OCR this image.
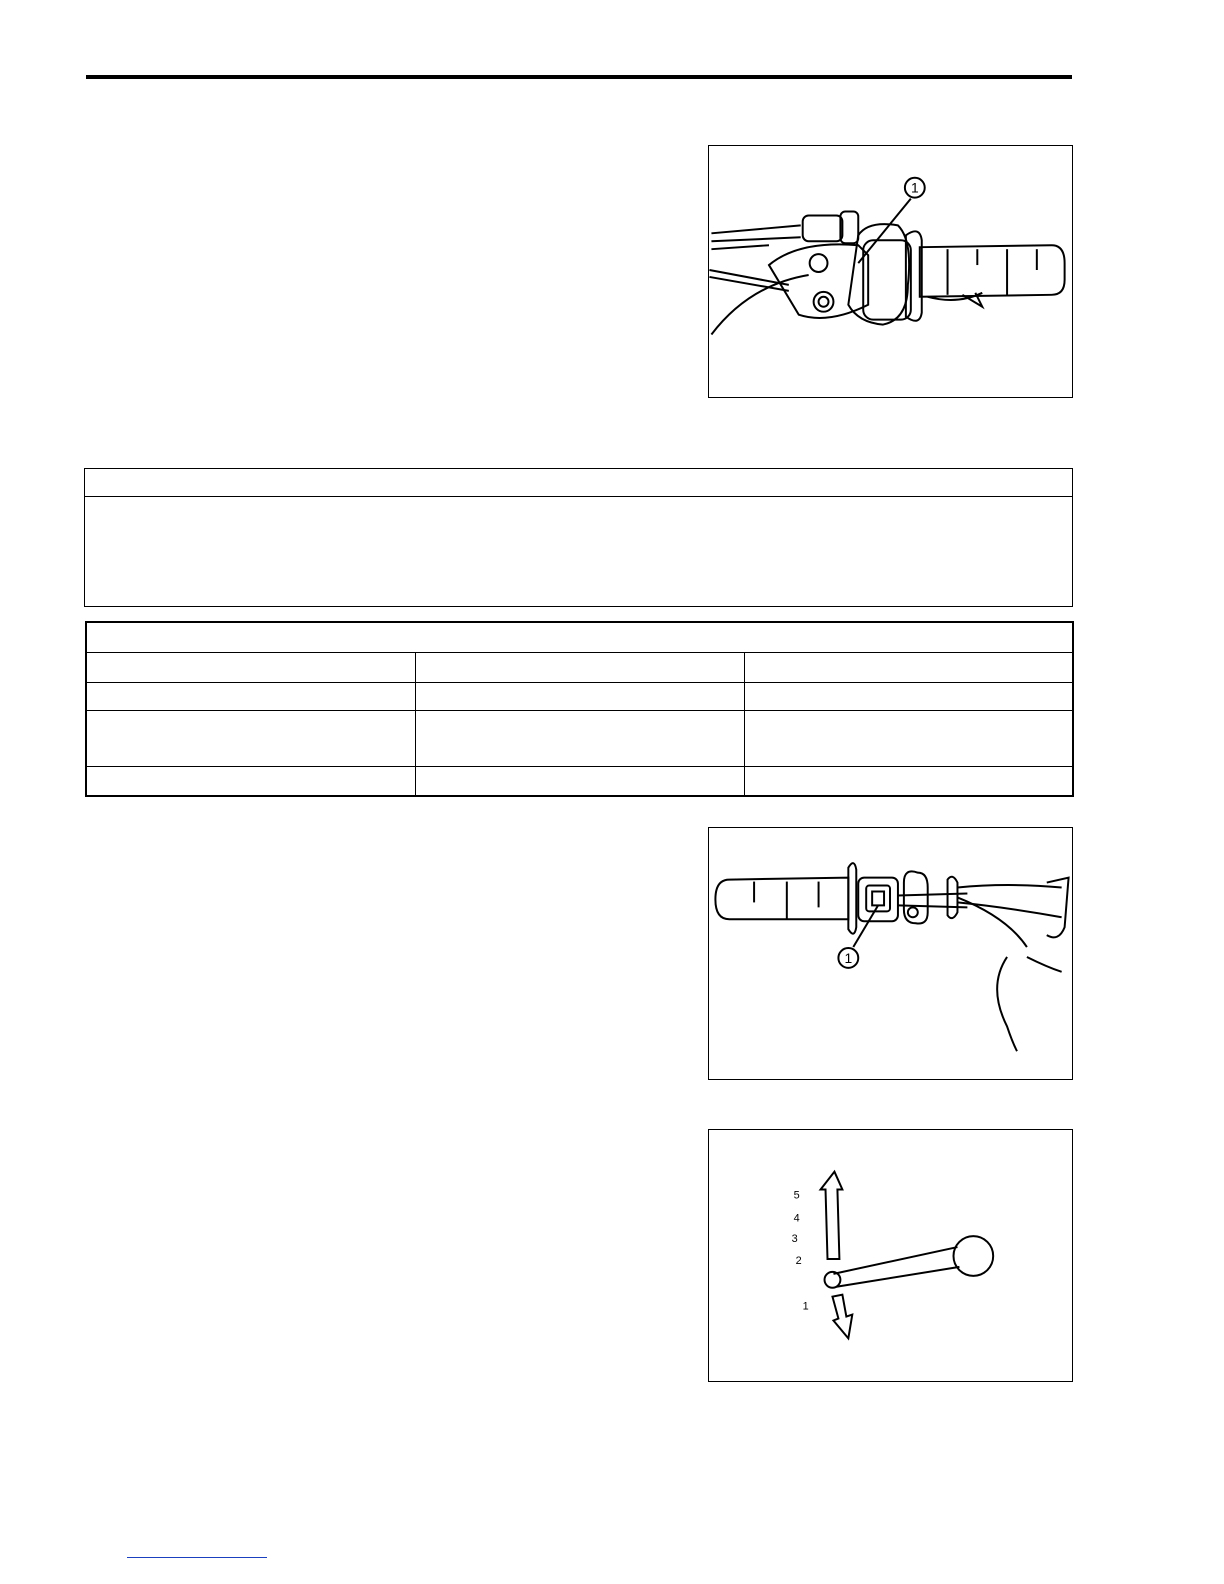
1

1
5
4
3
2
1
